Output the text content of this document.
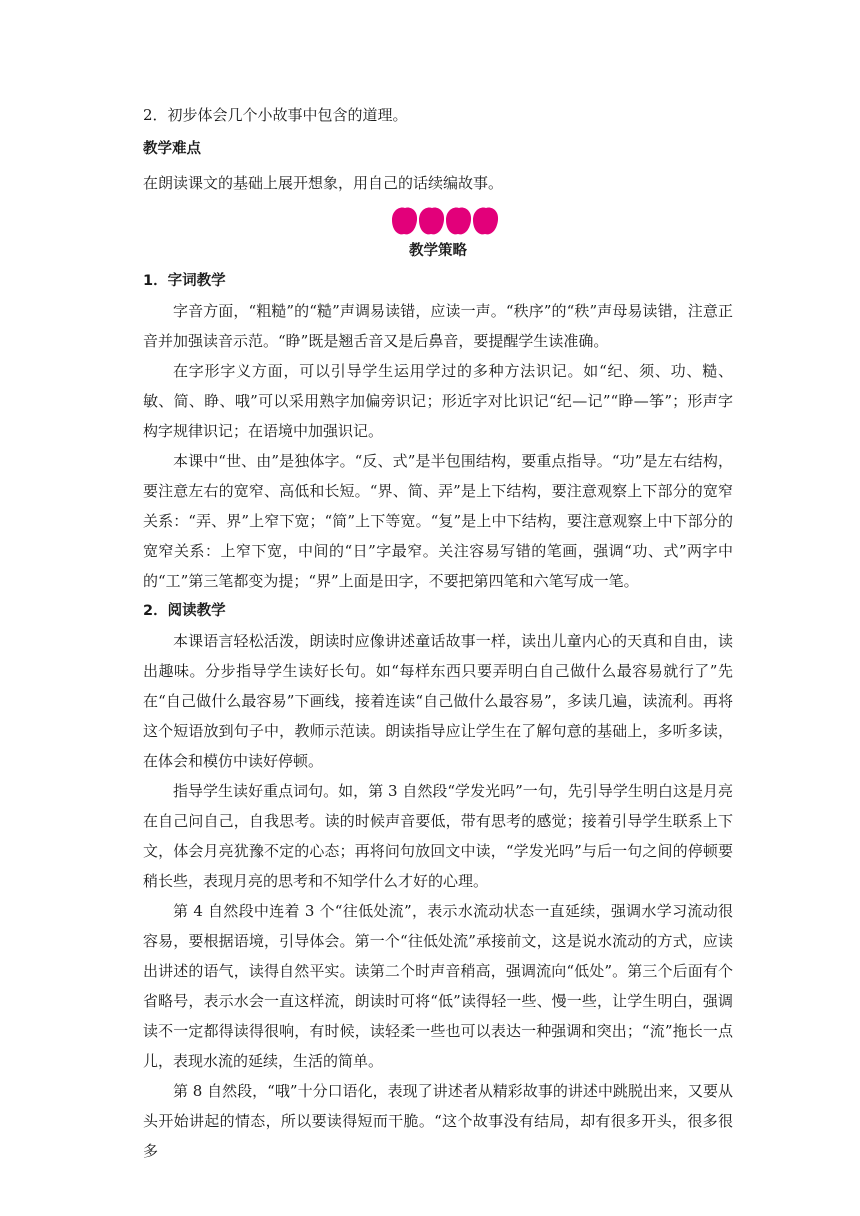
2．初步体会几个小故事中包含的道理。

教学难点

在朗读课文的基础上展开想象，用自己的话续编故事。

教学策略

1．字词教学

字音方面，“粗糙”的“糙”声调易读错，应读一声。“秩序”的“秩”声母易读错，注意正音并加强读音示范。“睁”既是翘舌音又是后鼻音，要提醒学生读准确。

在字形字义方面，可以引导学生运用学过的多种方法识记。如“纪、须、功、糙、敏、简、睁、哦”可以采用熟字加偏旁识记；形近字对比识记“纪—记”“睁—筝”；形声字构字规律识记；在语境中加强识记。

本课中“世、由”是独体字。“反、式”是半包围结构，要重点指导。“功”是左右结构，要注意左右的宽窄、高低和长短。“界、简、弄”是上下结构，要注意观察上下部分的宽窄关系：“弄、界”上窄下宽；“简”上下等宽。“复”是上中下结构，要注意观察上中下部分的宽窄关系：上窄下宽，中间的“日”字最窄。关注容易写错的笔画，强调“功、式”两字中的“工”第三笔都变为提；“界”上面是田字，不要把第四笔和六笔写成一笔。

2．阅读教学

本课语言轻松活泼，朗读时应像讲述童话故事一样，读出儿童内心的天真和自由，读出趣味。分步指导学生读好长句。如“每样东西只要弄明白自己做什么最容易就行了”先在“自己做什么最容易”下画线，接着连读“自己做什么最容易”，多读几遍，读流利。再将这个短语放到句子中，教师示范读。朗读指导应让学生在了解句意的基础上，多听多读，在体会和模仿中读好停顿。

指导学生读好重点词句。如，第 3 自然段“学发光吗”一句，先引导学生明白这是月亮在自己问自己，自我思考。读的时候声音要低，带有思考的感觉；接着引导学生联系上下文，体会月亮犹豫不定的心态；再将问句放回文中读，“学发光吗”与后一句之间的停顿要稍长些，表现月亮的思考和不知学什么才好的心理。

第 4 自然段中连着 3 个“往低处流”，表示水流动状态一直延续，强调水学习流动很容易，要根据语境，引导体会。第一个“往低处流”承接前文，这是说水流动的方式，应读出讲述的语气，读得自然平实。读第二个时声音稍高，强调流向“低处”。第三个后面有个省略号，表示水会一直这样流，朗读时可将“低”读得轻一些、慢一些，让学生明白，强调读不一定都得读得很响，有时候，读轻柔一些也可以表达一种强调和突出；“流”拖长一点儿，表现水流的延续，生活的简单。

第 8 自然段，“哦”十分口语化，表现了讲述者从精彩故事的讲述中跳脱出来，又要从头开始讲起的情态，所以要读得短而干脆。“这个故事没有结局，却有很多开头，很多很多
